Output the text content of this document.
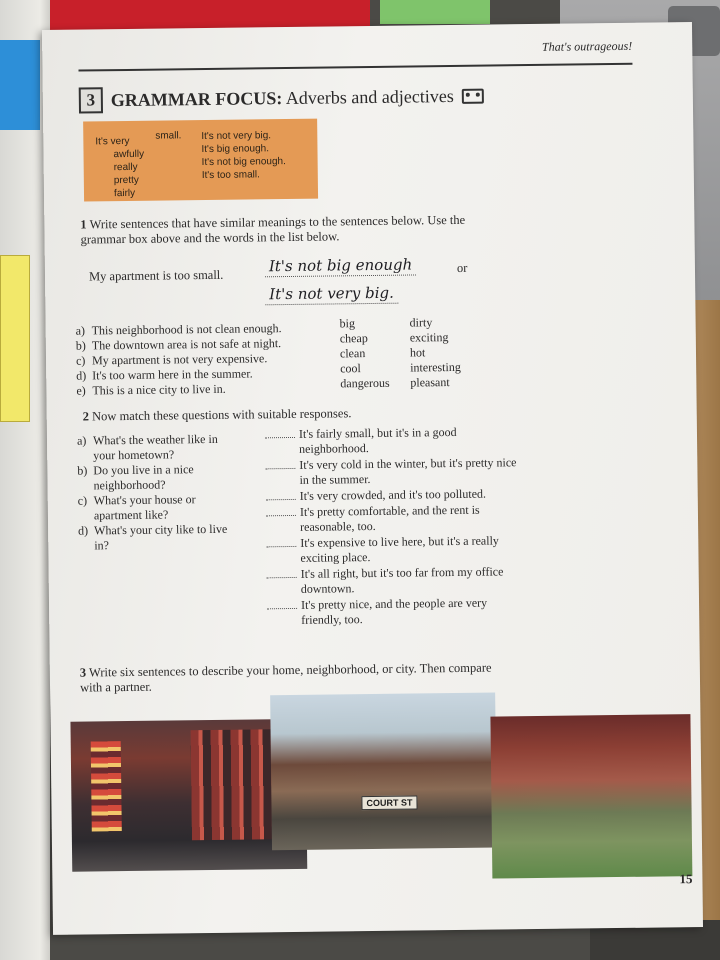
That's outrageous!
3 GRAMMAR FOCUS: Adverbs and adjectives
It's very
awfully
really
pretty
fairly
small. It's not very big.
It's big enough.
It's not big enough.
It's too small.
1 Write sentences that have similar meanings to the sentences below. Use the grammar box above and the words in the list below.
My apartment is too small.
It's not big enough	or
It's not very big.
a) This neighborhood is not clean enough.
b) The downtown area is not safe at night.
c) My apartment is not very expensive.
d) It's too warm here in the summer.
e) This is a nice city to live in.
big	dirty
cheap	exciting
clean	hot
cool	interesting
dangerous	pleasant
2 Now match these questions with suitable responses.
a) What's the weather like in your hometown?
b) Do you live in a nice neighborhood?
c) What's your house or apartment like?
d) What's your city like to live in?
It's fairly small, but it's in a good neighborhood.
It's very cold in the winter, but it's pretty nice in the summer.
It's very crowded, and it's too polluted.
It's pretty comfortable, and the rent is reasonable, too.
It's expensive to live here, but it's a really exciting place.
It's all right, but it's too far from my office downtown.
It's pretty nice, and the people are very friendly, too.
3 Write six sentences to describe your home, neighborhood, or city. Then compare with a partner.
COURT ST
15
